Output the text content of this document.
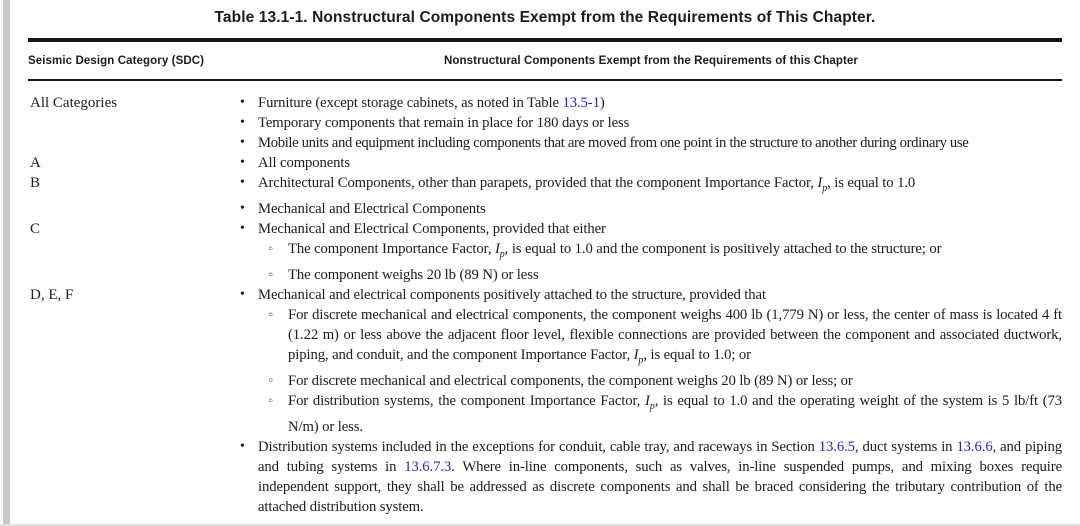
Table 13.1-1. Nonstructural Components Exempt from the Requirements of This Chapter.
Seismic Design Category (SDC)	Nonstructural Components Exempt from the Requirements of this Chapter
All Categories	• Furniture (except storage cabinets, as noted in Table 13.5-1)
• Temporary components that remain in place for 180 days or less
• Mobile units and equipment including components that are moved from one point in the structure to another during ordinary use
A	• All components
B	• Architectural Components, other than parapets, provided that the component Importance Factor, $I_p$, is equal to 1.0
• Mechanical and Electrical Components
C	• Mechanical and Electrical Components, provided that either
◦	The component Importance Factor, $I_p$, is equal to 1.0 and the component is positively attached to the structure; or
◦	The component weighs 20 lb (89 N) or less
D, E, F	• Mechanical and electrical components positively attached to the structure, provided that
◦	For discrete mechanical and electrical components, the component weighs 400 lb (1,779 N) or less, the center of mass is located 4 ft (1.22 m) or less above the adjacent floor level, flexible connections are provided between the component and associated ductwork, piping, and conduit, and the component Importance Factor, $I_p$, is equal to 1.0; or
◦	For discrete mechanical and electrical components, the component weighs 20 lb (89 N) or less; or
◦	For distribution systems, the component Importance Factor, $I_p$, is equal to 1.0 and the operating weight of the system is 5 lb/ft (73 N/m) or less.
• Distribution systems included in the exceptions for conduit, cable tray, and raceways in Section 13.6.5, duct systems in 13.6.6, and piping and tubing systems in 13.6.7.3. Where in-line components, such as valves, in-line suspended pumps, and mixing boxes require independent support, they shall be addressed as discrete components and shall be braced considering the tributary contribution of the attached distribution system.
